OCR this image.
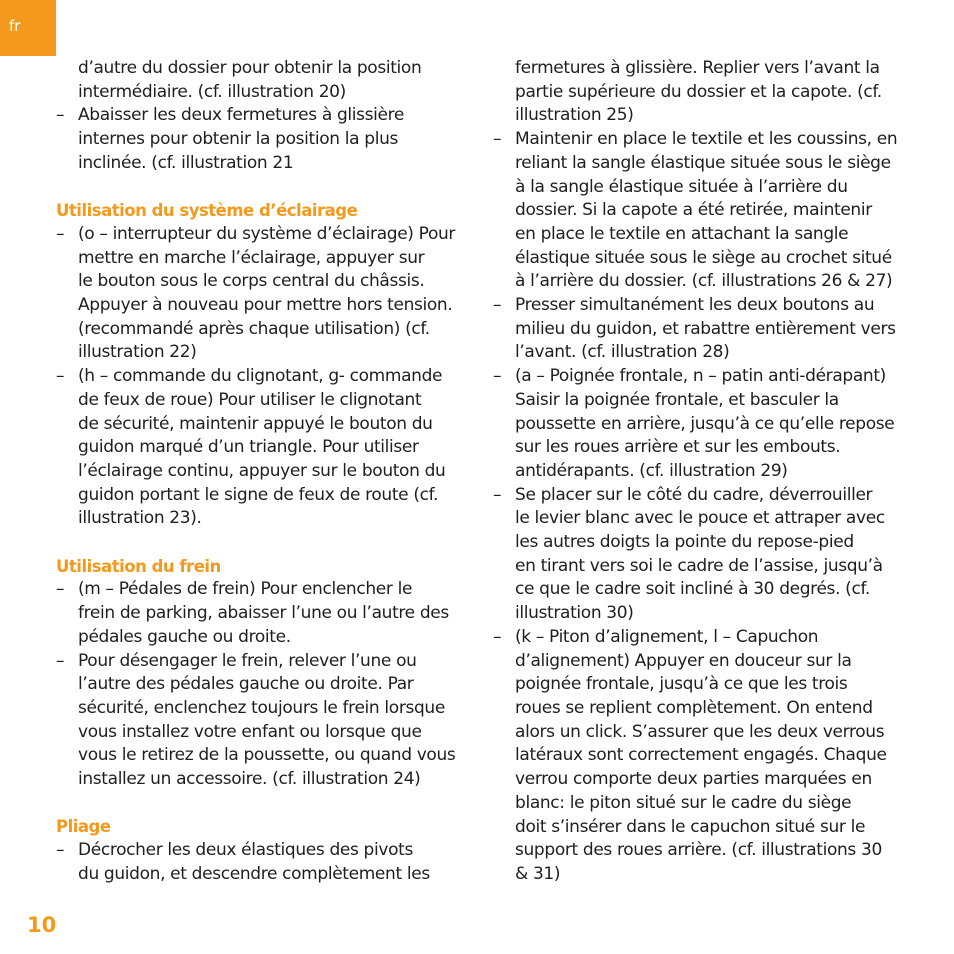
fr
d’autre du dossier pour obtenir la position
intermédiaire. (cf. illustration 20)
– Abaisser les deux fermetures à glissière
internes pour obtenir la position la plus
inclinée. (cf. illustration 21
Utilisation du système d’éclairage
– (o – interrupteur du système d’éclairage) Pour
mettre en marche l’éclairage, appuyer sur
le bouton sous le corps central du châssis.
Appuyer à nouveau pour mettre hors tension.
(recommandé après chaque utilisation) (cf.
illustration 22)
– (h – commande du clignotant, g- commande
de feux de roue) Pour utiliser le clignotant
de sécurité, maintenir appuyé le bouton du
guidon marqué d’un triangle. Pour utiliser
l’éclairage continu, appuyer sur le bouton du
guidon portant le signe de feux de route (cf.
illustration 23).
Utilisation du frein
– (m – Pédales de frein) Pour enclencher le
frein de parking, abaisser l’une ou l’autre des
pédales gauche ou droite.
– Pour désengager le frein, relever l’une ou
l’autre des pédales gauche ou droite. Par
sécurité, enclenchez toujours le frein lorsque
vous installez votre enfant ou lorsque que
vous le retirez de la poussette, ou quand vous
installez un accessoire. (cf. illustration 24)
Pliage
– Décrocher les deux élastiques des pivots
du guidon, et descendre complètement les
fermetures à glissière. Replier vers l’avant la
partie supérieure du dossier et la capote. (cf.
illustration 25)
– Maintenir en place le textile et les coussins, en
reliant la sangle élastique située sous le siège
à la sangle élastique située à l’arrière du
dossier. Si la capote a été retirée, maintenir
en place le textile en attachant la sangle
élastique située sous le siège au crochet situé
à l’arrière du dossier. (cf. illustrations 26 & 27)
– Presser simultanément les deux boutons au
milieu du guidon, et rabattre entièrement vers
l’avant. (cf. illustration 28)
– (a – Poignée frontale, n – patin anti-dérapant)
Saisir la poignée frontale, et basculer la
poussette en arrière, jusqu’à ce qu’elle repose
sur les roues arrière et sur les embouts.
antidérapants. (cf. illustration 29)
– Se placer sur le côté du cadre, déverrouiller
le levier blanc avec le pouce et attraper avec
les autres doigts la pointe du repose-pied
en tirant vers soi le cadre de l’assise, jusqu’à
ce que le cadre soit incliné à 30 degrés. (cf.
illustration 30)
– (k – Piton d’alignement, l – Capuchon
d’alignement) Appuyer en douceur sur la
poignée frontale, jusqu’à ce que les trois
roues se replient complètement. On entend
alors un click. S’assurer que les deux verrous
latéraux sont correctement engagés. Chaque
verrou comporte deux parties marquées en
blanc: le piton situé sur le cadre du siège
doit s’insérer dans le capuchon situé sur le
support des roues arrière. (cf. illustrations 30
& 31)
10
